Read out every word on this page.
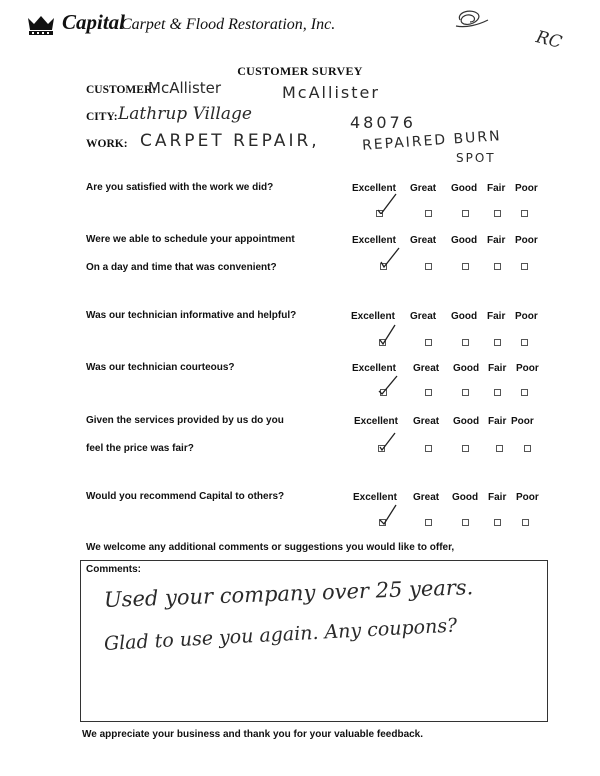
Capital
Carpet & Flood Restoration, Inc.
RC
CUSTOMER SURVEY
CUSTOMER:
McAllister	McAllister
CITY: Lathrup Village	48076
WORK: CARPET REPAIR,	REPAIRED BURN
SPOT
Are you satisfied with the work we did?	Excellent Great Good Fair Poor
Were we able to schedule your appointment
On a day and time that was convenient?
Excellent Great Good Fair Poor
Was our technician informative and helpful?	Excellent Great Good Fair Poor
Was our technician courteous?	Excellent Great Good Fair Poor
Given the services provided by us do you
feel the price was fair?
Excellent Great Good Fair Poor
Would you recommend Capital to others?	Excellent Great Good Fair Poor
We welcome any additional comments or suggestions you would like to offer,
Comments:
Used your company over 25 years.
Glad to use you again. Any coupons?
We appreciate your business and thank you for your valuable feedback.
